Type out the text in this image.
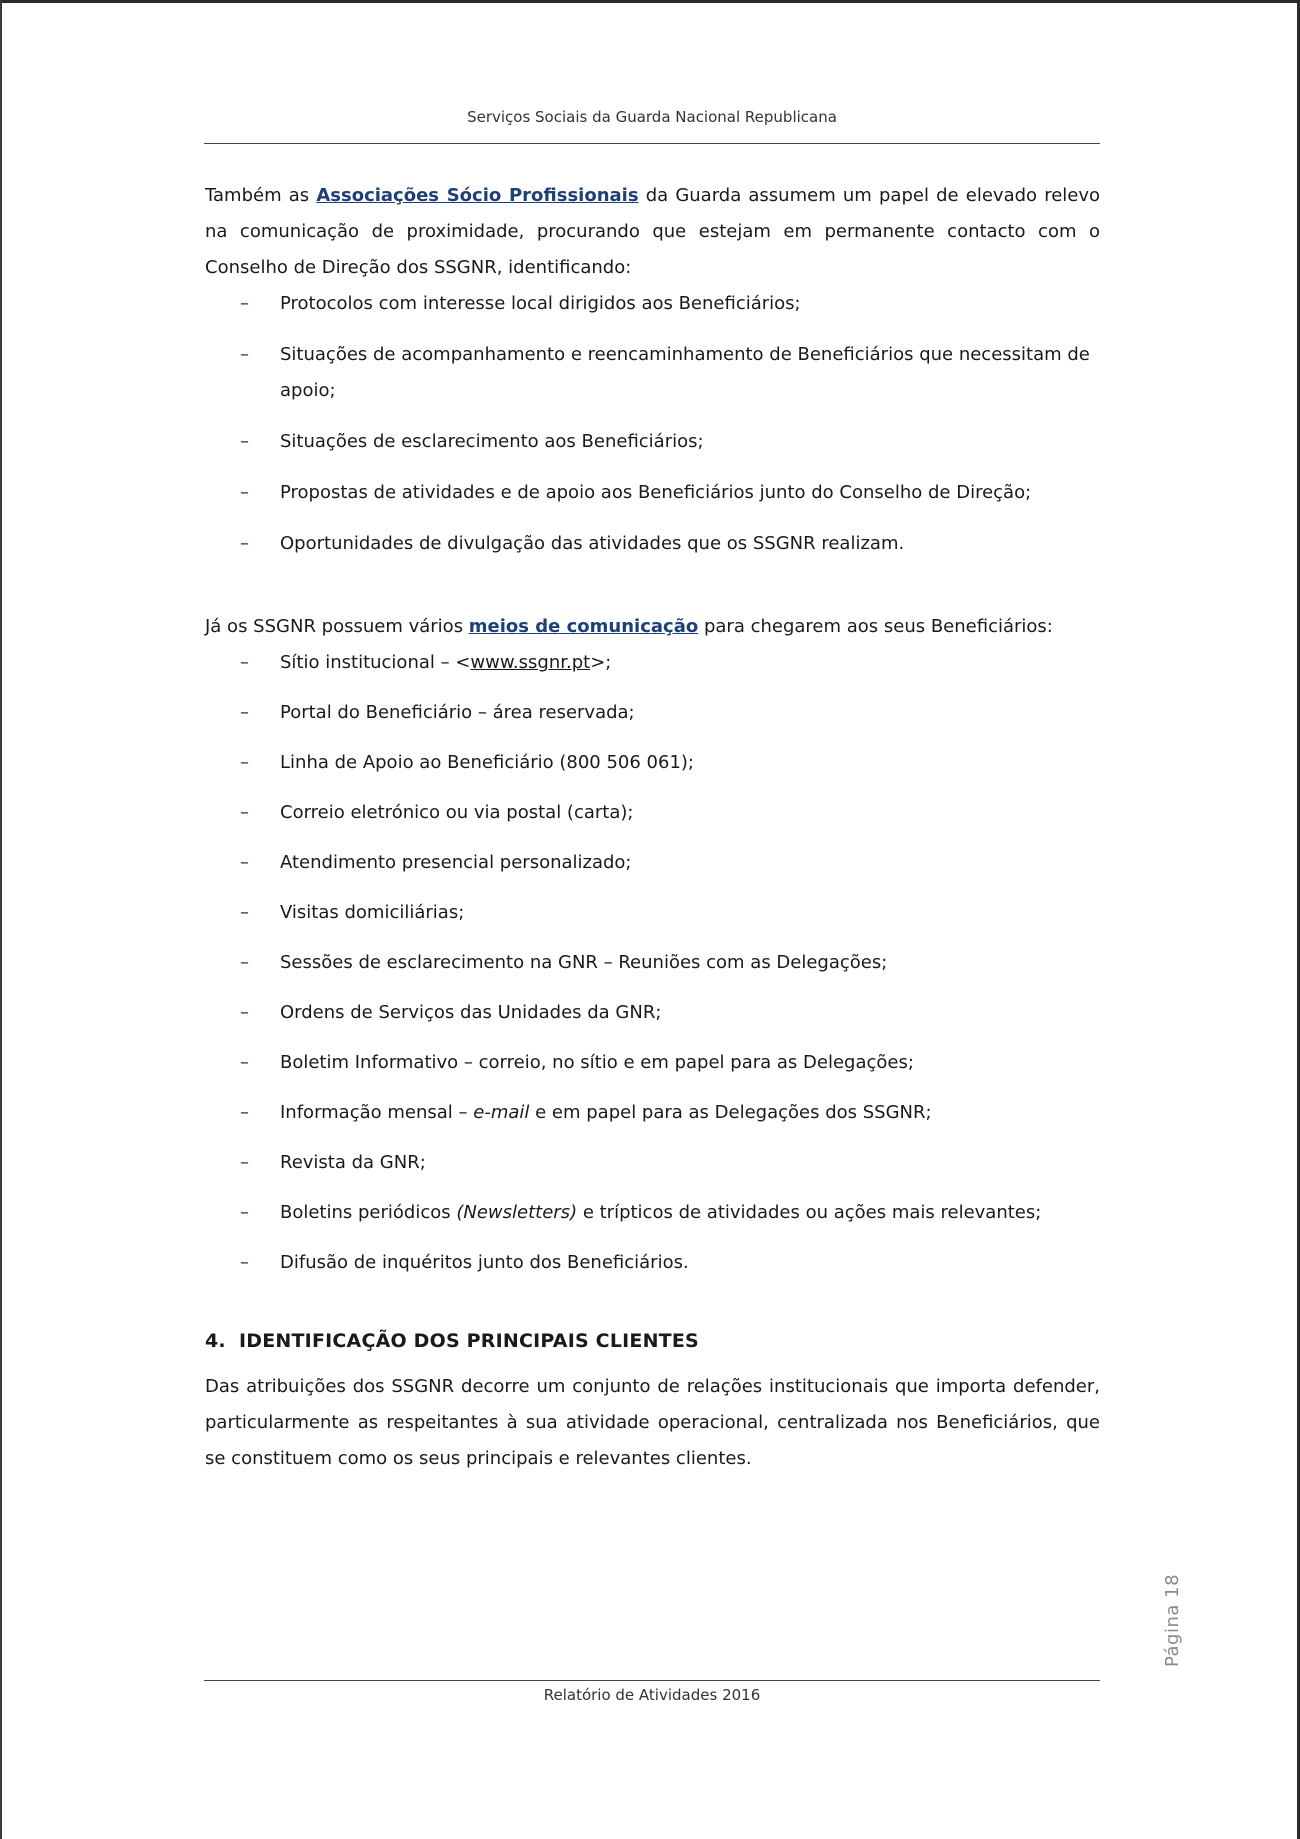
Serviços Sociais da Guarda Nacional Republicana

Também as Associações Sócio Profissionais da Guarda assumem um papel de elevado relevo na comunicação de proximidade, procurando que estejam em permanente contacto com o Conselho de Direção dos SSGNR, identificando:

– Protocolos com interesse local dirigidos aos Beneficiários;
– Situações de acompanhamento e reencaminhamento de Beneficiários que necessitam de apoio;
– Situações de esclarecimento aos Beneficiários;
– Propostas de atividades e de apoio aos Beneficiários junto do Conselho de Direção;
– Oportunidades de divulgação das atividades que os SSGNR realizam.

Já os SSGNR possuem vários meios de comunicação para chegarem aos seus Beneficiários:

– Sítio institucional – <www.ssgnr.pt>;
– Portal do Beneficiário – área reservada;
– Linha de Apoio ao Beneficiário (800 506 061);
– Correio eletrónico ou via postal (carta);
– Atendimento presencial personalizado;
– Visitas domiciliárias;
– Sessões de esclarecimento na GNR – Reuniões com as Delegações;
– Ordens de Serviços das Unidades da GNR;
– Boletim Informativo – correio, no sítio e em papel para as Delegações;
– Informação mensal – e-mail e em papel para as Delegações dos SSGNR;
– Revista da GNR;
– Boletins periódicos (Newsletters) e trípticos de atividades ou ações mais relevantes;
– Difusão de inquéritos junto dos Beneficiários.
4. IDENTIFICAÇÃO DOS PRINCIPAIS CLIENTES

Das atribuições dos SSGNR decorre um conjunto de relações institucionais que importa defender, particularmente as respeitantes à sua atividade operacional, centralizada nos Beneficiários, que se constituem como os seus principais e relevantes clientes.

Página 18
Relatório de Atividades 2016
